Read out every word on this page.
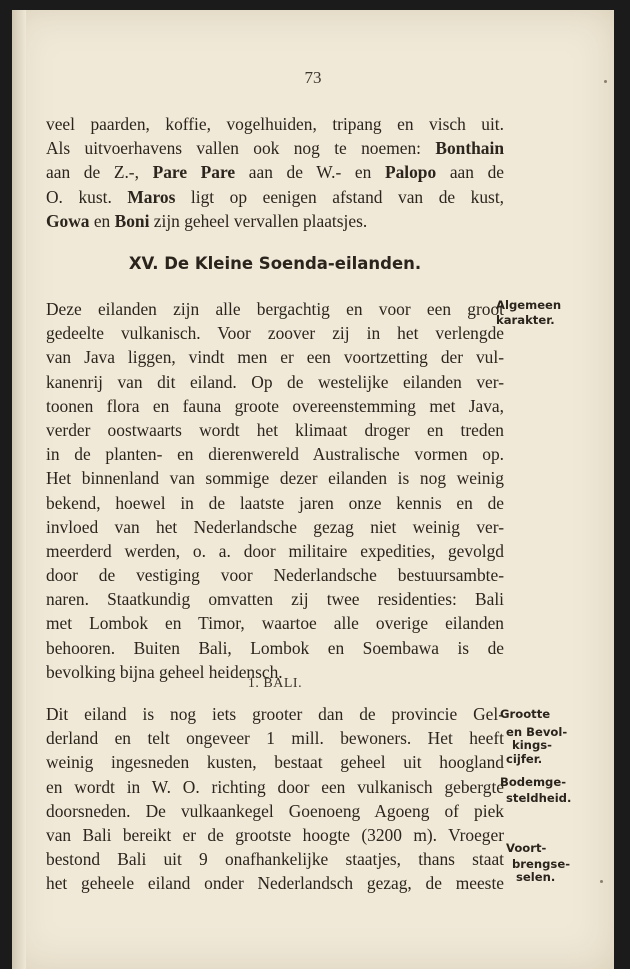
73
veel paarden, koffie, vogelhuiden, tripang en visch uit.
Als uitvoerhavens vallen ook nog te noemen: Bonthain
aan de Z.-, Pare Pare aan de W.- en Palopo aan de
O. kust. Maros ligt op eenigen afstand van de kust,
Gowa en Boni zijn geheel vervallen plaatsjes.
XV. De Kleine Soenda-eilanden.
Deze eilanden zijn alle bergachtig en voor een groot
gedeelte vulkanisch. Voor zoover zij in het verlengde
van Java liggen, vindt men er een voortzetting der vul-
kanenrij van dit eiland. Op de westelijke eilanden ver-
toonen flora en fauna groote overeenstemming met Java,
verder oostwaarts wordt het klimaat droger en treden
in de planten- en dierenwereld Australische vormen op.
Het binnenland van sommige dezer eilanden is nog weinig
bekend, hoewel in de laatste jaren onze kennis en de
invloed van het Nederlandsche gezag niet weinig ver-
meerderd werden, o. a. door militaire expedities, gevolgd
door de vestiging voor Nederlandsche bestuursambte-
naren. Staatkundig omvatten zij twee residenties: Bali
met Lombok en Timor, waartoe alle overige eilanden
behooren. Buiten Bali, Lombok en Soembawa is de
bevolking bijna geheel heidensch.
1. BALI.
Dit eiland is nog iets grooter dan de provincie Gel-
derland en telt ongeveer 1 mill. bewoners. Het heeft
weinig ingesneden kusten, bestaat geheel uit hoogland
en wordt in W. O. richting door een vulkanisch gebergte
doorsneden. De vulkaankegel Goenoeng Agoeng of piek
van Bali bereikt er de grootste hoogte (3200 m). Vroeger
bestond Bali uit 9 onafhankelijke staatjes, thans staat
het geheele eiland onder Nederlandsch gezag, de meeste
Algemeen
karakter.
Grootte
en Bevol-
kings-
cijfer.
Bodemge-
steldheid.
Voort-
brengse-
selen.
